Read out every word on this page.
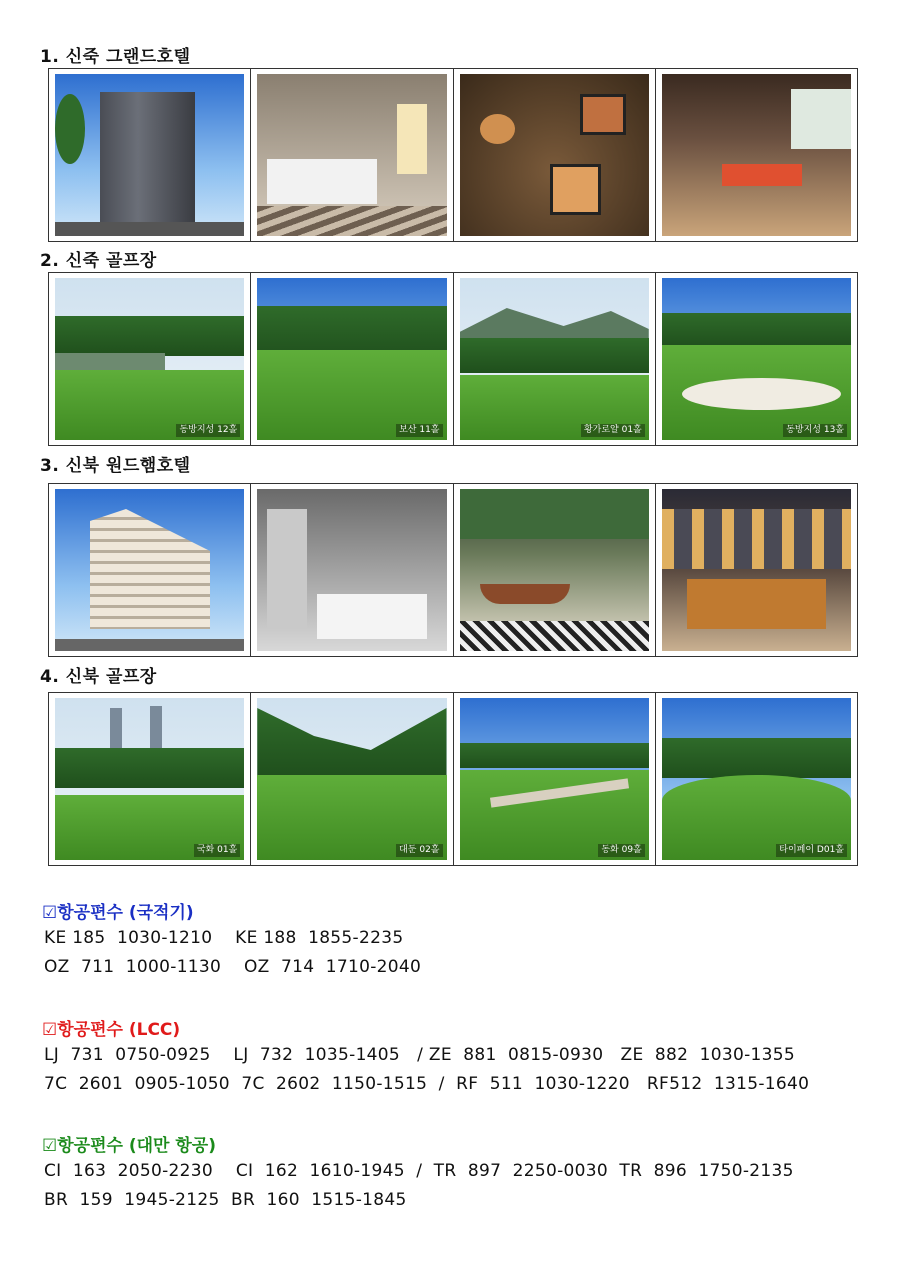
1. 신죽 그랜드호텔
2. 신죽 골프장
동방지성 12홀	보산 11홀	황가로얄 01홀	동방지성 13홀
3. 신북 원드햄호텔
4. 신북 골프장
국화 01홀	대둔 02홀	동화 09홀	타이페이 D01홀
☑항공편수 (국적기)
KE 185  1030-1210    KE 188  1855-2235
OZ  711  1000-1130    OZ  714  1710-2040
☑항공편수 (LCC)
LJ  731  0750-0925    LJ  732  1035-1405   / ZE  881  0815-0930   ZE  882  1030-1355
7C  2601  0905-1050  7C  2602  1150-1515  /  RF  511  1030-1220   RF512  1315-1640
☑항공편수 (대만 항공)
CI  163  2050-2230    CI  162  1610-1945  /  TR  897  2250-0030  TR  896  1750-2135
BR  159  1945-2125  BR  160  1515-1845
